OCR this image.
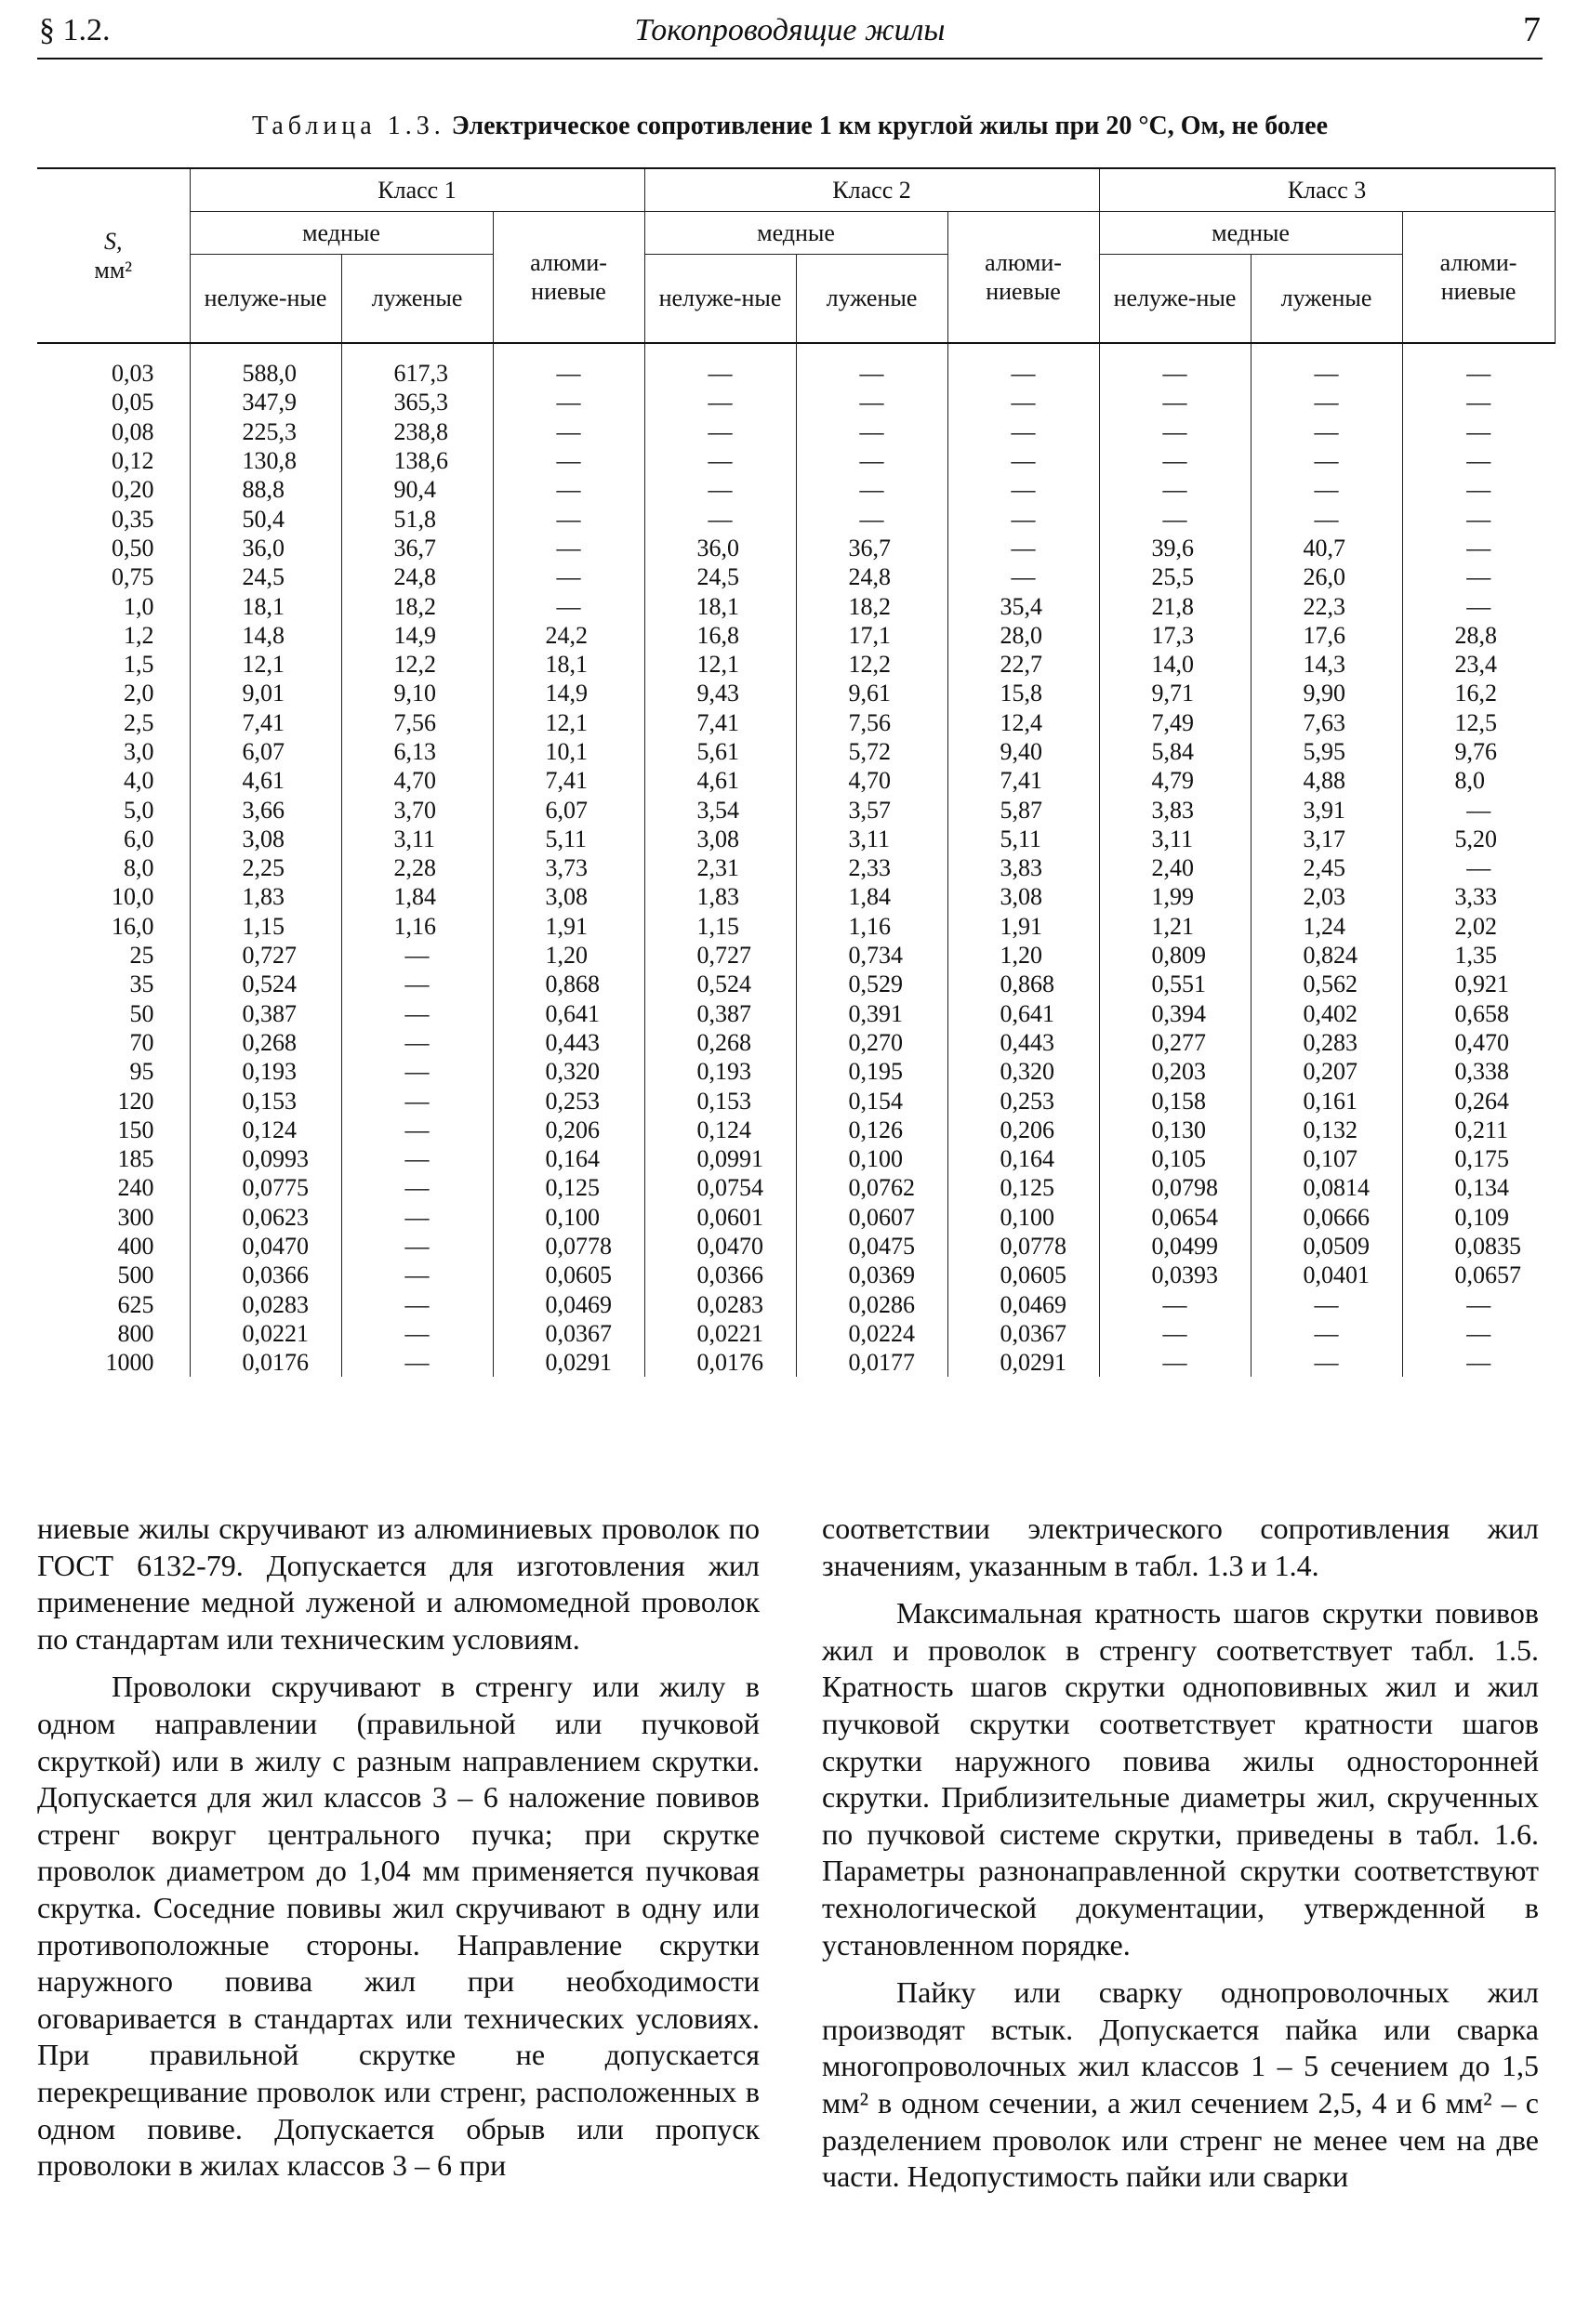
§ 1.2.	Токопроводящие жилы	7
Таблица 1.3. Электрическое сопротивление 1 км круглой жилы при 20 °С, Ом, не более
S,
мм²	Класс 1			Класс 2			Класс 3		
	медные		алюми-ниевые	медные		алюми-ниевые	медные		алюми-ниевые
	нелуже-ные	луженые		нелуже-ные	луженые		нелуже-ные	луженые	
0,03	588,0	617,3	—	—	—	—	—	—	—
0,05	347,9	365,3	—	—	—	—	—	—	—
0,08	225,3	238,8	—	—	—	—	—	—	—
0,12	130,8	138,6	—	—	—	—	—	—	—
0,20	88,8	90,4	—	—	—	—	—	—	—
0,35	50,4	51,8	—	—	—	—	—	—	—
0,50	36,0	36,7	—	36,0	36,7	—	39,6	40,7	—
0,75	24,5	24,8	—	24,5	24,8	—	25,5	26,0	—
1,0	18,1	18,2	—	18,1	18,2	35,4	21,8	22,3	—
1,2	14,8	14,9	24,2	16,8	17,1	28,0	17,3	17,6	28,8
1,5	12,1	12,2	18,1	12,1	12,2	22,7	14,0	14,3	23,4
2,0	9,01	9,10	14,9	9,43	9,61	15,8	9,71	9,90	16,2
2,5	7,41	7,56	12,1	7,41	7,56	12,4	7,49	7,63	12,5
3,0	6,07	6,13	10,1	5,61	5,72	9,40	5,84	5,95	9,76
4,0	4,61	4,70	7,41	4,61	4,70	7,41	4,79	4,88	8,0
5,0	3,66	3,70	6,07	3,54	3,57	5,87	3,83	3,91	—
6,0	3,08	3,11	5,11	3,08	3,11	5,11	3,11	3,17	5,20
8,0	2,25	2,28	3,73	2,31	2,33	3,83	2,40	2,45	—
10,0	1,83	1,84	3,08	1,83	1,84	3,08	1,99	2,03	3,33
16,0	1,15	1,16	1,91	1,15	1,16	1,91	1,21	1,24	2,02
25	0,727	—	1,20	0,727	0,734	1,20	0,809	0,824	1,35
35	0,524	—	0,868	0,524	0,529	0,868	0,551	0,562	0,921
50	0,387	—	0,641	0,387	0,391	0,641	0,394	0,402	0,658
70	0,268	—	0,443	0,268	0,270	0,443	0,277	0,283	0,470
95	0,193	—	0,320	0,193	0,195	0,320	0,203	0,207	0,338
120	0,153	—	0,253	0,153	0,154	0,253	0,158	0,161	0,264
150	0,124	—	0,206	0,124	0,126	0,206	0,130	0,132	0,211
185	0,0993	—	0,164	0,0991	0,100	0,164	0,105	0,107	0,175
240	0,0775	—	0,125	0,0754	0,0762	0,125	0,0798	0,0814	0,134
300	0,0623	—	0,100	0,0601	0,0607	0,100	0,0654	0,0666	0,109
400	0,0470	—	0,0778	0,0470	0,0475	0,0778	0,0499	0,0509	0,0835
500	0,0366	—	0,0605	0,0366	0,0369	0,0605	0,0393	0,0401	0,0657
625	0,0283	—	0,0469	0,0283	0,0286	0,0469	—	—	—
800	0,0221	—	0,0367	0,0221	0,0224	0,0367	—	—	—
1000	0,0176	—	0,0291	0,0176	0,0177	0,0291	—	—	—

ниевые жилы скручивают из алюминиевых проволок по ГОСТ 6132-79. Допускается для изготовления жил применение медной луженой и алюмомедной проволок по стандартам или техническим условиям.

Проволоки скручивают в стренгу или жилу в одном направлении (правильной или пучковой скруткой) или в жилу с разным направлением скрутки. Допускается для жил классов 3 – 6 наложение повивов стренг вокруг центрального пучка; при скрутке проволок диаметром до 1,04 мм применяется пучковая скрутка. Соседние повивы жил скручивают в одну или противоположные стороны. Направление скрутки наружного повива жил при необходимости оговаривается в стандартах или технических условиях. При правильной скрутке не допускается перекрещивание проволок или стренг, расположенных в одном повиве. Допускается обрыв или пропуск проволоки в жилах классов 3 – 6 при

соответствии электрического сопротивления жил значениям, указанным в табл. 1.3 и 1.4.

Максимальная кратность шагов скрутки повивов жил и проволок в стренгу соответствует табл. 1.5. Кратность шагов скрутки одноповивных жил и жил пучковой скрутки соответствует кратности шагов скрутки наружного повива жилы односторонней скрутки. Приблизительные диаметры жил, скрученных по пучковой системе скрутки, приведены в табл. 1.6. Параметры разнонаправленной скрутки соответствуют технологической документации, утвержденной в установленном порядке.

Пайку или сварку однопроволочных жил производят встык. Допускается пайка или сварка многопроволочных жил классов 1 – 5 сечением до 1,5 мм² в одном сечении, а жил сечением 2,5, 4 и 6 мм² – с разделением проволок или стренг не менее чем на две части. Недопустимость пайки или сварки
